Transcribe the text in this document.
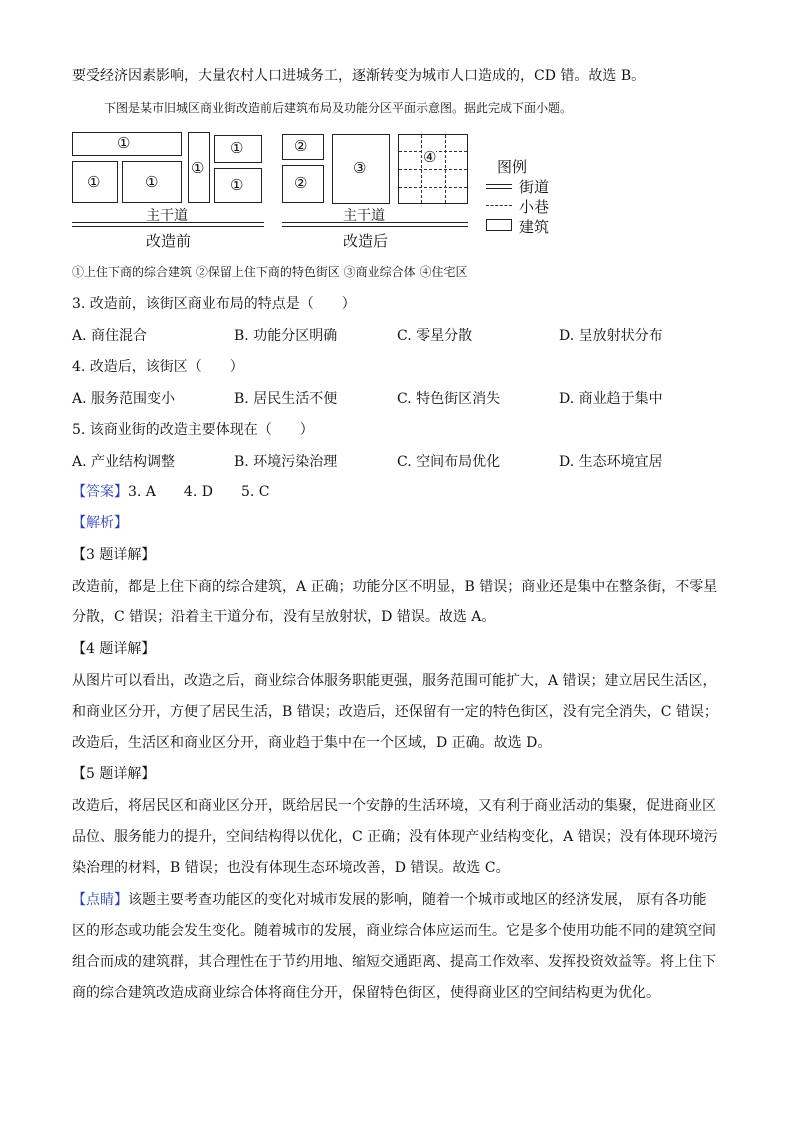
要受经济因素影响，大量农村人口进城务工，逐渐转变为城市人口造成的，CD 错。故选 B。
下图是某市旧城区商业街改造前后建筑布局及功能分区平面示意图。据此完成下面小题。
①
①	①
①
①
①
主干道
改造前
②
②
③
④
主干道
改造后
图例
街道
小巷
建筑
①上住下商的综合建筑 ②保留上住下商的特色街区 ③商业综合体 ④住宅区
3. 改造前，该街区商业布局的特点是（　　）
A. 商住混合	B. 功能分区明确	C. 零星分散	D. 呈放射状分布
4. 改造后，该街区（　　）
A. 服务范围变小	B. 居民生活不便	C. 特色街区消失	D. 商业趋于集中
5. 该商业街的改造主要体现在（　　）
A. 产业结构调整	B. 环境污染治理	C. 空间布局优化	D. 生态环境宜居
【答案】3. A　　4. D　　5. C
【解析】
【3 题详解】
改造前，都是上住下商的综合建筑，A 正确；功能分区不明显，B 错误；商业还是集中在整条街，不零星
分散，C 错误；沿着主干道分布，没有呈放射状，D 错误。故选 A。
【4 题详解】
从图片可以看出，改造之后，商业综合体服务职能更强，服务范围可能扩大，A 错误；建立居民生活区，
和商业区分开，方便了居民生活，B 错误；改造后，还保留有一定的特色街区，没有完全消失，C 错误；
改造后，生活区和商业区分开，商业趋于集中在一个区域，D 正确。故选 D。
【5 题详解】
改造后，将居民区和商业区分开，既给居民一个安静的生活环境，又有利于商业活动的集聚，促进商业区
品位、服务能力的提升，空间结构得以优化，C 正确；没有体现产业结构变化，A 错误；没有体现环境污
染治理的材料，B 错误；也没有体现生态环境改善，D 错误。故选 C。
【点睛】该题主要考查功能区的变化对城市发展的影响，随着一个城市或地区的经济发展， 原有各功能
区的形态或功能会发生变化。随着城市的发展，商业综合体应运而生。它是多个使用功能不同的建筑空间
组合而成的建筑群，其合理性在于节约用地、缩短交通距离、提高工作效率、发挥投资效益等。将上住下
商的综合建筑改造成商业综合体将商住分开，保留特色街区，使得商业区的空间结构更为优化。
